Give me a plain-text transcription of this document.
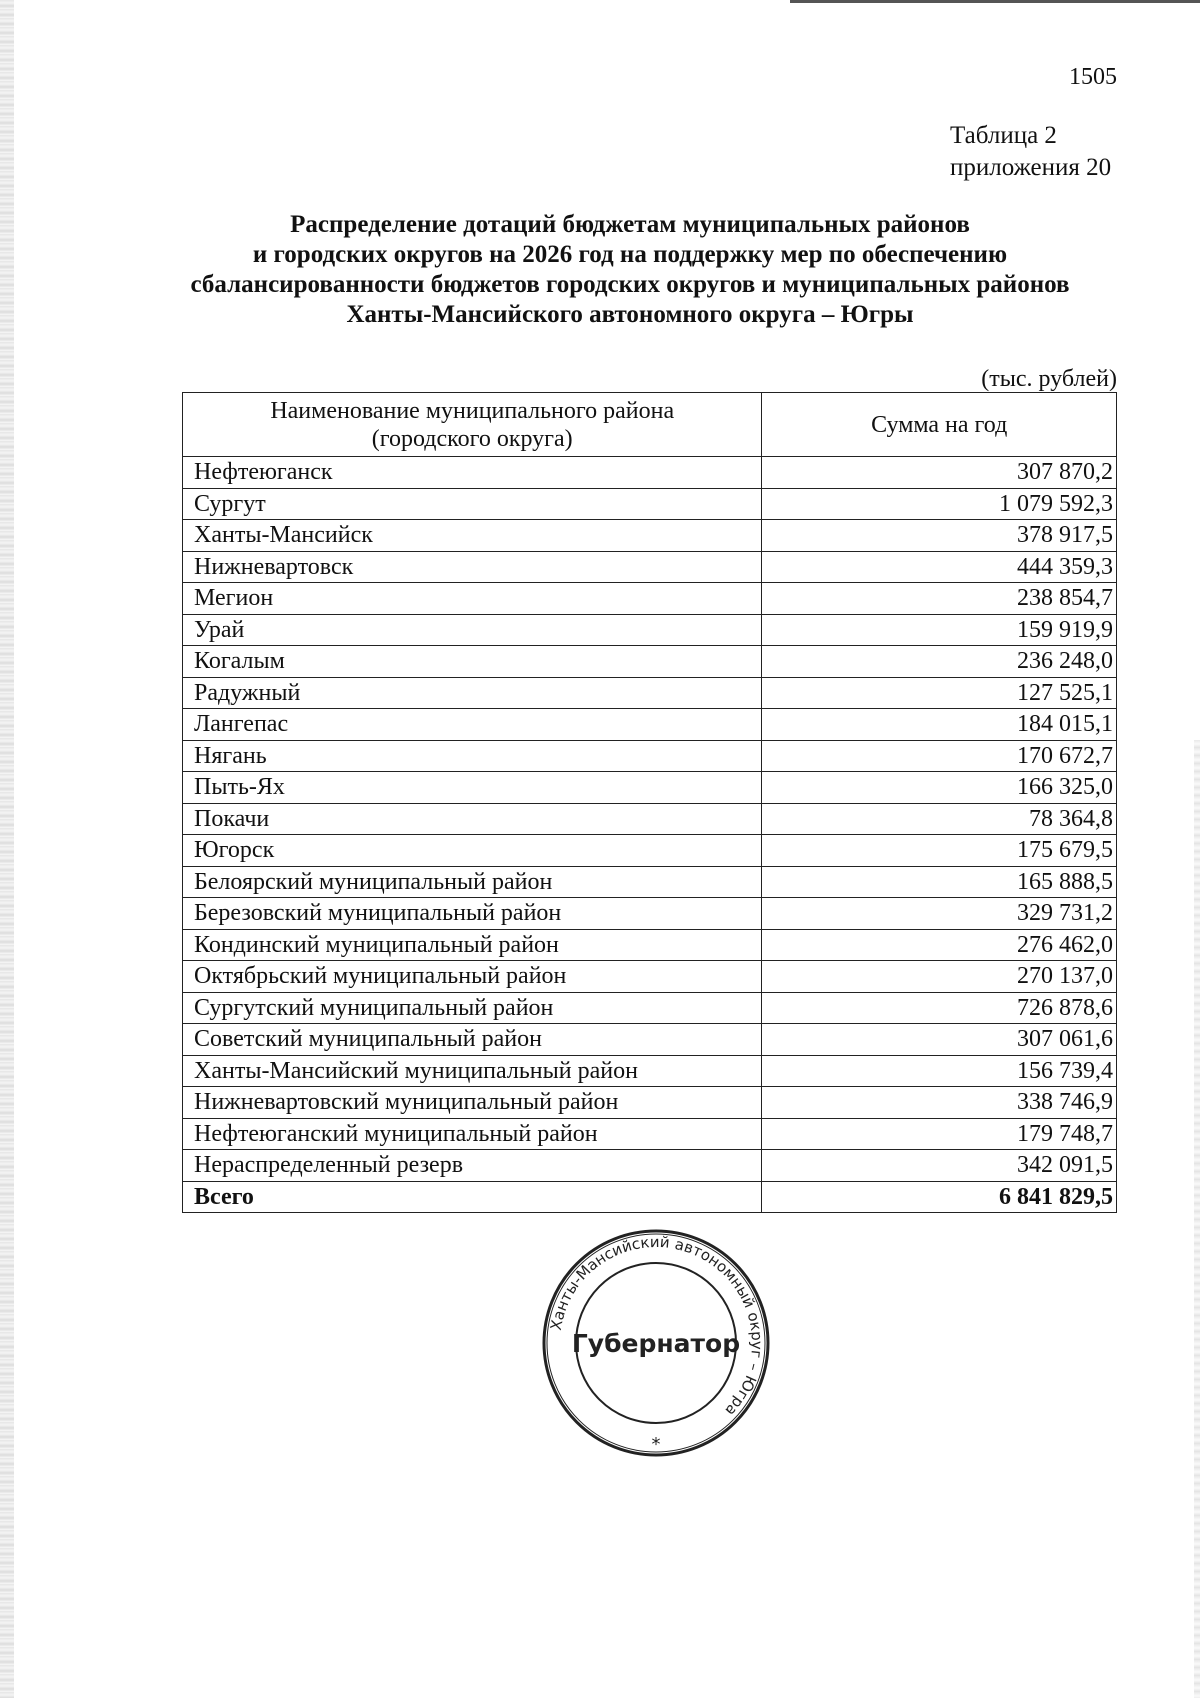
1505
Таблица 2
приложения 20
Распределение дотаций бюджетам муниципальных районов
и городских округов на 2026 год на поддержку мер по обеспечению
сбалансированности бюджетов городских округов и муниципальных районов
Ханты-Мансийского автономного округа – Югры
(тыс. рублей)
Наименование муниципального района
(городского округа)	Сумма на год
Нефтеюганск	307 870,2
Сургут	1 079 592,3
Ханты-Мансийск	378 917,5
Нижневартовск	444 359,3
Мегион	238 854,7
Урай	159 919,9
Когалым	236 248,0
Радужный	127 525,1
Лангепас	184 015,1
Нягань	170 672,7
Пыть-Ях	166 325,0
Покачи	78 364,8
Югорск	175 679,5
Белоярский муниципальный район	165 888,5
Березовский муниципальный район	329 731,2
Кондинский муниципальный район	276 462,0
Октябрьский муниципальный район	270 137,0
Сургутский муниципальный район	726 878,6
Советский муниципальный район	307 061,6
Ханты-Мансийский муниципальный район	156 739,4
Нижневартовский муниципальный район	338 746,9
Нефтеюганский муниципальный район	179 748,7
Нераспределенный резерв	342 091,5
Всего	6 841 829,5
Ханты-Мансийский автономный округ – Югра
Губернатор
*
